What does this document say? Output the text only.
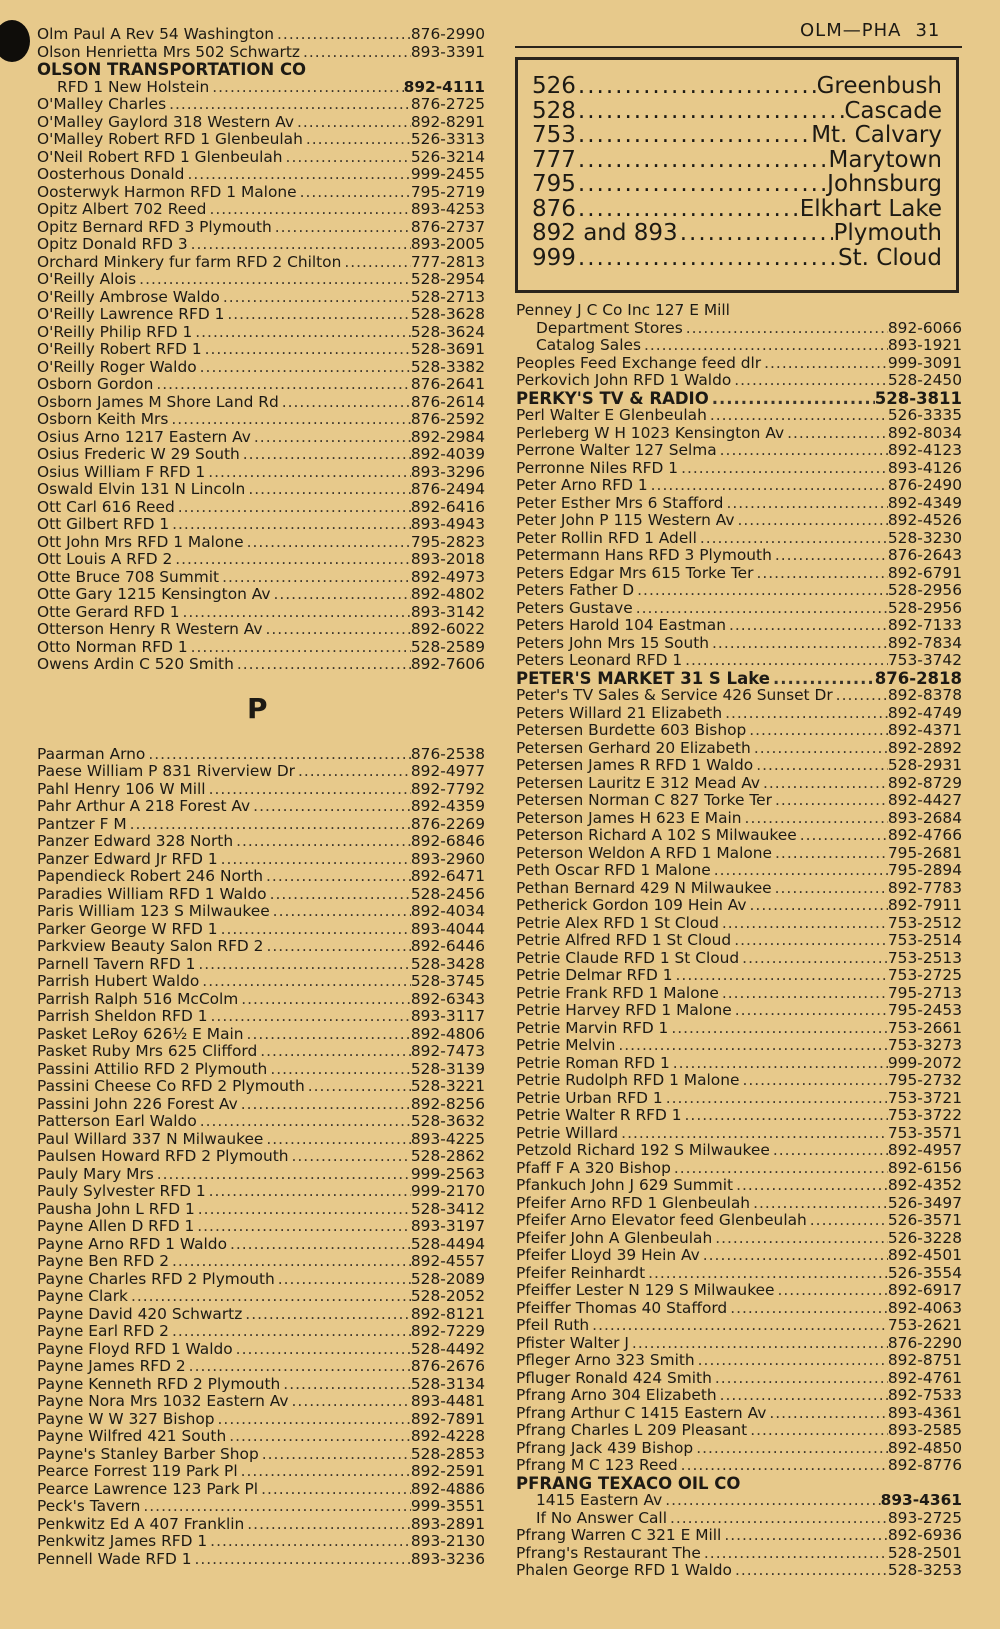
OLM—PHA 31
526 .....	Greenbush
528 .....	Cascade
753 .....	Mt. Calvary
777 .....	Marytown
795 .....	Johnsburg
876 .....	Elkhart Lake
892 and 893 .....	Plymouth
999 .....	St. Cloud
Olm Paul A Rev 54 Washington .....	876-2990
Olson Henrietta Mrs 502 Schwartz .....	893-3391
OLSON TRANSPORTATION CO
RFD 1 New Holstein .....	892-4111
O'Malley Charles .....	876-2725
O'Malley Gaylord 318 Western Av .....	892-8291
O'Malley Robert RFD 1 Glenbeulah .....	526-3313
O'Neil Robert RFD 1 Glenbeulah .....	526-3214
Oosterhous Donald .....	999-2455
Oosterwyk Harmon RFD 1 Malone .....	795-2719
Opitz Albert 702 Reed .....	893-4253
Opitz Bernard RFD 3 Plymouth .....	876-2737
Opitz Donald RFD 3 .....	893-2005
Orchard Minkery fur farm RFD 2 Chilton .....	777-2813
O'Reilly Alois .....	528-2954
O'Reilly Ambrose Waldo .....	528-2713
O'Reilly Lawrence RFD 1 .....	528-3628
O'Reilly Philip RFD 1 .....	528-3624
O'Reilly Robert RFD 1 .....	528-3691
O'Reilly Roger Waldo .....	528-3382
Osborn Gordon .....	876-2641
Osborn James M Shore Land Rd .....	876-2614
Osborn Keith Mrs .....	876-2592
Osius Arno 1217 Eastern Av .....	892-2984
Osius Frederic W 29 South .....	892-4039
Osius William F RFD 1 .....	893-3296
Oswald Elvin 131 N Lincoln .....	876-2494
Ott Carl 616 Reed .....	892-6416
Ott Gilbert RFD 1 .....	893-4943
Ott John Mrs RFD 1 Malone .....	795-2823
Ott Louis A RFD 2 .....	893-2018
Otte Bruce 708 Summit .....	892-4973
Otte Gary 1215 Kensington Av .....	892-4802
Otte Gerard RFD 1 .....	893-3142
Otterson Henry R Western Av .....	892-6022
Otto Norman RFD 1 .....	528-2589
Owens Ardin C 520 Smith .....	892-7606
P
Paarman Arno .....	876-2538
Paese William P 831 Riverview Dr .....	892-4977
Pahl Henry 106 W Mill .....	892-7792
Pahr Arthur A 218 Forest Av .....	892-4359
Pantzer F M .....	876-2269
Panzer Edward 328 North .....	892-6846
Panzer Edward Jr RFD 1 .....	893-2960
Papendieck Robert 246 North .....	892-6471
Paradies William RFD 1 Waldo .....	528-2456
Paris William 123 S Milwaukee .....	892-4034
Parker George W RFD 1 .....	893-4044
Parkview Beauty Salon RFD 2 .....	892-6446
Parnell Tavern RFD 1 .....	528-3428
Parrish Hubert Waldo .....	528-3745
Parrish Ralph 516 McColm .....	892-6343
Parrish Sheldon RFD 1 .....	893-3117
Pasket LeRoy 626½ E Main .....	892-4806
Pasket Ruby Mrs 625 Clifford .....	892-7473
Passini Attilio RFD 2 Plymouth .....	528-3139
Passini Cheese Co RFD 2 Plymouth .....	528-3221
Passini John 226 Forest Av .....	892-8256
Patterson Earl Waldo .....	528-3632
Paul Willard 337 N Milwaukee .....	893-4225
Paulsen Howard RFD 2 Plymouth .....	528-2862
Pauly Mary Mrs .....	999-2563
Pauly Sylvester RFD 1 .....	999-2170
Pausha John L RFD 1 .....	528-3412
Payne Allen D RFD 1 .....	893-3197
Payne Arno RFD 1 Waldo .....	528-4494
Payne Ben RFD 2 .....	892-4557
Payne Charles RFD 2 Plymouth .....	528-2089
Payne Clark .....	528-2052
Payne David 420 Schwartz .....	892-8121
Payne Earl RFD 2 .....	892-7229
Payne Floyd RFD 1 Waldo .....	528-4492
Payne James RFD 2 .....	876-2676
Payne Kenneth RFD 2 Plymouth .....	528-3134
Payne Nora Mrs 1032 Eastern Av .....	893-4481
Payne W W 327 Bishop .....	892-7891
Payne Wilfred 421 South .....	892-4228
Payne's Stanley Barber Shop .....	528-2853
Pearce Forrest 119 Park Pl .....	892-2591
Pearce Lawrence 123 Park Pl .....	892-4886
Peck's Tavern .....	999-3551
Penkwitz Ed A 407 Franklin .....	893-2891
Penkwitz James RFD 1 .....	893-2130
Pennell Wade RFD 1 .....	893-3236
Penney J C Co Inc 127 E Mill
Department Stores .....	892-6066
Catalog Sales .....	893-1921
Peoples Feed Exchange feed dlr .....	999-3091
Perkovich John RFD 1 Waldo .....	528-2450
PERKY'S TV & RADIO .....	528-3811
Perl Walter E Glenbeulah .....	526-3335
Perleberg W H 1023 Kensington Av .....	892-8034
Perrone Walter 127 Selma .....	892-4123
Perronne Niles RFD 1 .....	893-4126
Peter Arno RFD 1 .....	876-2490
Peter Esther Mrs 6 Stafford .....	892-4349
Peter John P 115 Western Av .....	892-4526
Peter Rollin RFD 1 Adell .....	528-3230
Petermann Hans RFD 3 Plymouth .....	876-2643
Peters Edgar Mrs 615 Torke Ter .....	892-6791
Peters Father D .....	528-2956
Peters Gustave .....	528-2956
Peters Harold 104 Eastman .....	892-7133
Peters John Mrs 15 South .....	892-7834
Peters Leonard RFD 1 .....	753-3742
PETER'S MARKET 31 S Lake .....	876-2818
Peter's TV Sales & Service 426 Sunset Dr .....	892-8378
Peters Willard 21 Elizabeth .....	892-4749
Petersen Burdette 603 Bishop .....	892-4371
Petersen Gerhard 20 Elizabeth .....	892-2892
Petersen James R RFD 1 Waldo .....	528-2931
Petersen Lauritz E 312 Mead Av .....	892-8729
Petersen Norman C 827 Torke Ter .....	892-4427
Peterson James H 623 E Main .....	893-2684
Peterson Richard A 102 S Milwaukee .....	892-4766
Peterson Weldon A RFD 1 Malone .....	795-2681
Peth Oscar RFD 1 Malone .....	795-2894
Pethan Bernard 429 N Milwaukee .....	892-7783
Petherick Gordon 109 Hein Av .....	892-7911
Petrie Alex RFD 1 St Cloud .....	753-2512
Petrie Alfred RFD 1 St Cloud .....	753-2514
Petrie Claude RFD 1 St Cloud .....	753-2513
Petrie Delmar RFD 1 .....	753-2725
Petrie Frank RFD 1 Malone .....	795-2713
Petrie Harvey RFD 1 Malone .....	795-2453
Petrie Marvin RFD 1 .....	753-2661
Petrie Melvin .....	753-3273
Petrie Roman RFD 1 .....	999-2072
Petrie Rudolph RFD 1 Malone .....	795-2732
Petrie Urban RFD 1 .....	753-3721
Petrie Walter R RFD 1 .....	753-3722
Petrie Willard .....	753-3571
Petzold Richard 192 S Milwaukee .....	892-4957
Pfaff F A 320 Bishop .....	892-6156
Pfankuch John J 629 Summit .....	892-4352
Pfeifer Arno RFD 1 Glenbeulah .....	526-3497
Pfeifer Arno Elevator feed Glenbeulah .....	526-3571
Pfeifer John A Glenbeulah .....	526-3228
Pfeifer Lloyd 39 Hein Av .....	892-4501
Pfeifer Reinhardt .....	526-3554
Pfeiffer Lester N 129 S Milwaukee .....	892-6917
Pfeiffer Thomas 40 Stafford .....	892-4063
Pfeil Ruth .....	753-2621
Pfister Walter J .....	876-2290
Pfleger Arno 323 Smith .....	892-8751
Pfluger Ronald 424 Smith .....	892-4761
Pfrang Arno 304 Elizabeth .....	892-7533
Pfrang Arthur C 1415 Eastern Av .....	893-4361
Pfrang Charles L 209 Pleasant .....	893-2585
Pfrang Jack 439 Bishop .....	892-4850
Pfrang M C 123 Reed .....	892-8776
PFRANG TEXACO OIL CO
1415 Eastern Av .....	893-4361
If No Answer Call .....	893-2725
Pfrang Warren C 321 E Mill .....	892-6936
Pfrang's Restaurant The .....	528-2501
Phalen George RFD 1 Waldo .....	528-3253
